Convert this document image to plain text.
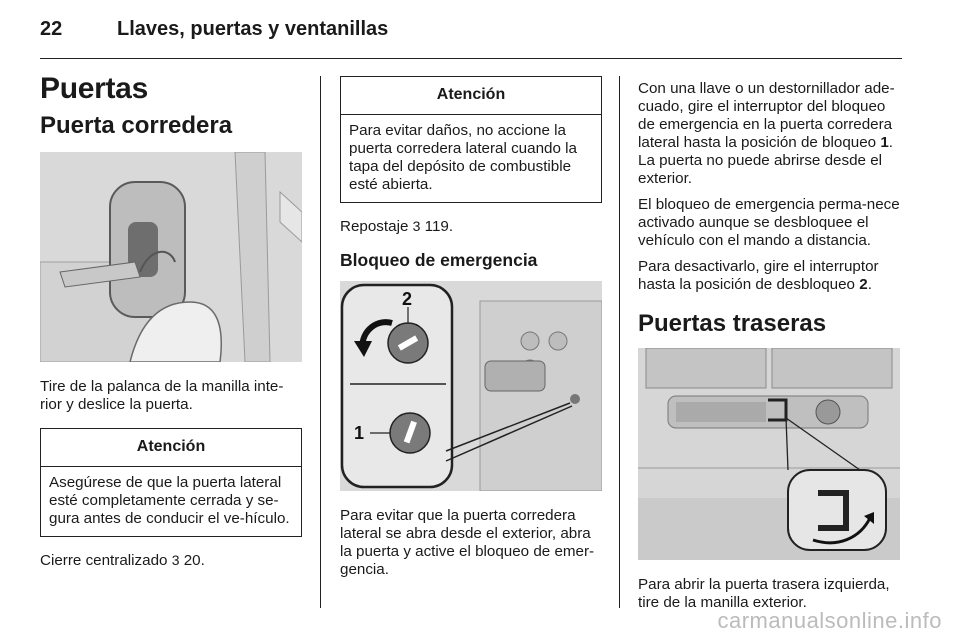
22	Llaves, puertas y ventanillas
Puertas
Puerta corredera

Tire de la palanca de la manilla inte-
rior y deslice la puerta.

Atención
Asegúrese de que la puerta lateral esté completamente cerrada y se-gura antes de conducir el ve-hículo.

Cierre centralizado 3 20.

Atención
Para evitar daños, no accione la puerta corredera lateral cuando la tapa del depósito de combustible esté abierta.

Repostaje 3 119.

Bloqueo de emergencia
2
1

Para evitar que la puerta corredera lateral se abra desde el exterior, abra la puerta y active el bloqueo de emer-gencia.

Con una llave o un destornillador ade-cuado, gire el interruptor del bloqueo de emergencia en la puerta corredera lateral hasta la posición de bloqueo 1. La puerta no puede abrirse desde el exterior.

El bloqueo de emergencia perma-nece activado aunque se desbloquee el vehículo con el mando a distancia.

Para desactivarlo, gire el interruptor hasta la posición de desbloqueo 2.

Puertas traseras

Para abrir la puerta trasera izquierda, tire de la manilla exterior.

carmanualsonline.info
